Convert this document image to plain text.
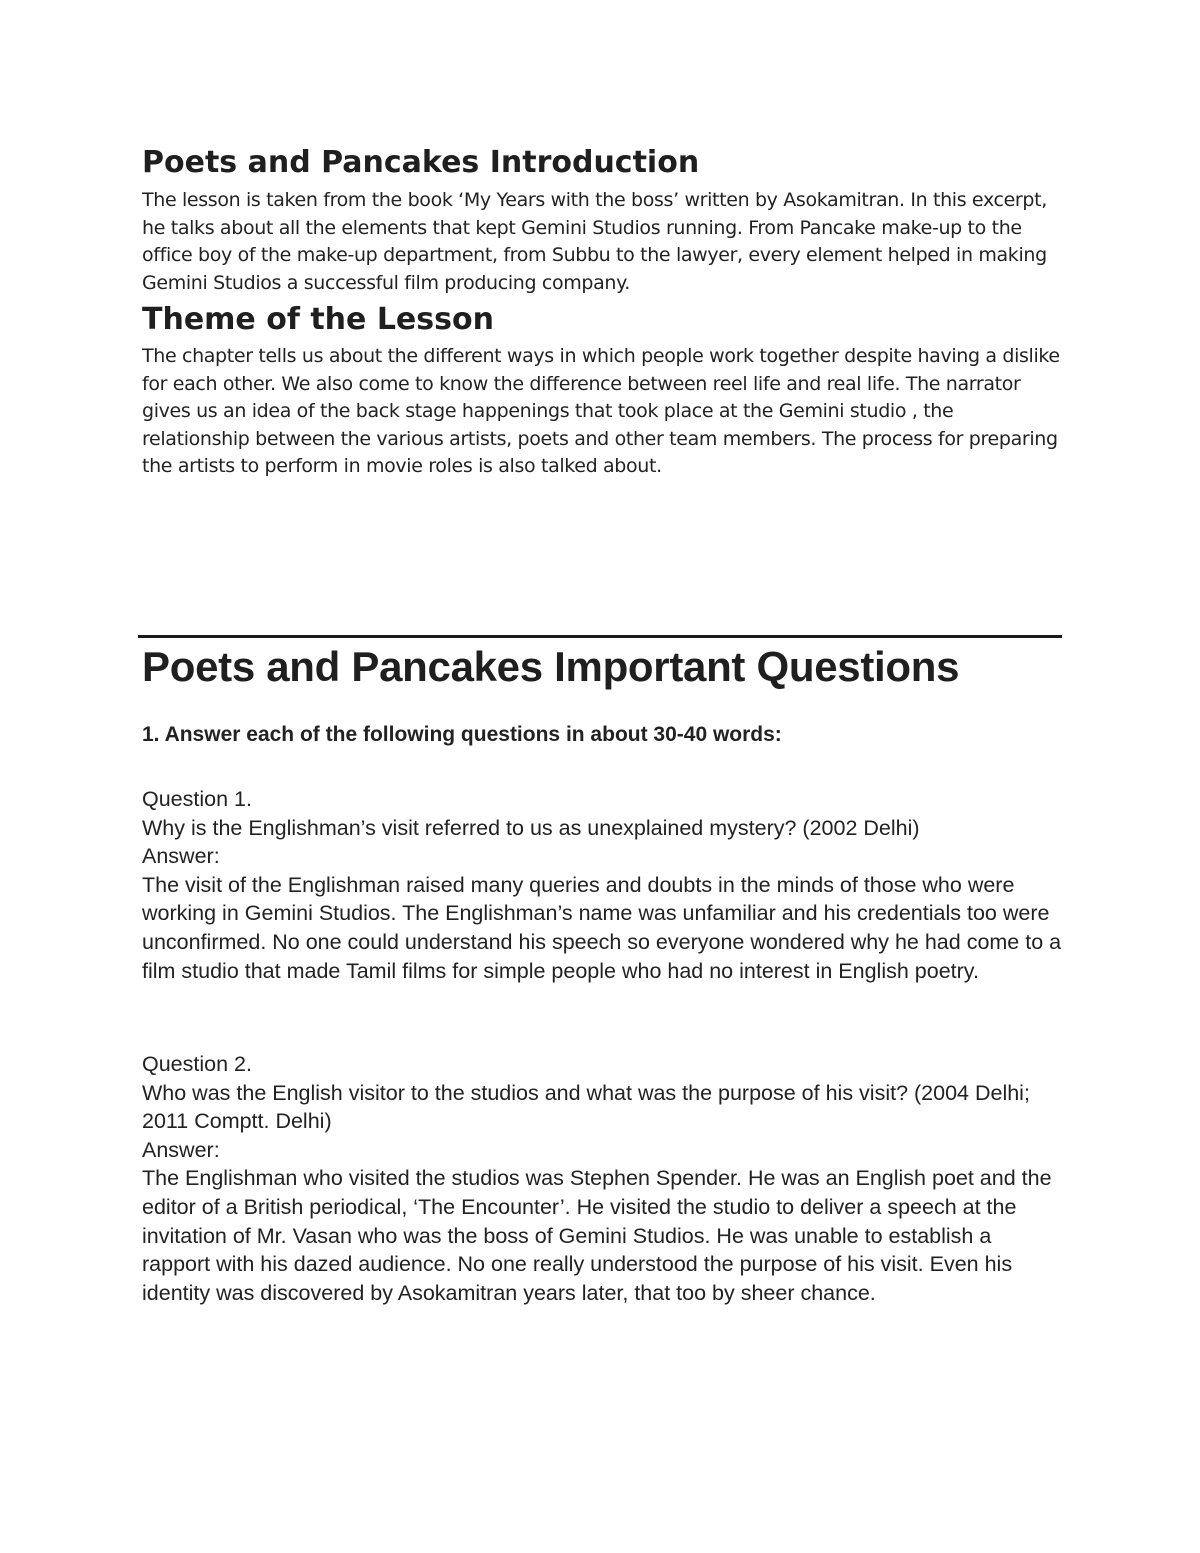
Poets and Pancakes Introduction

The lesson is taken from the book ‘My Years with the boss’ written by Asokamitran. In this excerpt, he talks about all the elements that kept Gemini Studios running. From Pancake make-up to the office boy of the make-up department, from Subbu to the lawyer, every element helped in making Gemini Studios a successful film producing company.

Theme of the Lesson

The chapter tells us about the different ways in which people work together despite having a dislike for each other. We also come to know the difference between reel life and real life. The narrator gives us an idea of the back stage happenings that took place at the Gemini studio , the relationship between the various artists, poets and other team members. The process for preparing the artists to perform in movie roles is also talked about.

Poets and Pancakes Important Questions

1. Answer each of the following questions in about 30-40 words:

Question 1.
Why is the Englishman’s visit referred to us as unexplained mystery? (2002 Delhi)
Answer:
The visit of the Englishman raised many queries and doubts in the minds of those who were working in Gemini Studios. The Englishman’s name was unfamiliar and his credentials too were unconfirmed. No one could understand his speech so everyone wondered why he had come to a film studio that made Tamil films for simple people who had no interest in English poetry.
Question 2.
Who was the English visitor to the studios and what was the purpose of his visit? (2004 Delhi; 2011 Comptt. Delhi)
Answer:
The Englishman who visited the studios was Stephen Spender. He was an English poet and the editor of a British periodical, ‘The Encounter’. He visited the studio to deliver a speech at the invitation of Mr. Vasan who was the boss of Gemini Studios. He was unable to establish a rapport with his dazed audience. No one really understood the purpose of his visit. Even his identity was discovered by Asokamitran years later, that too by sheer chance.
